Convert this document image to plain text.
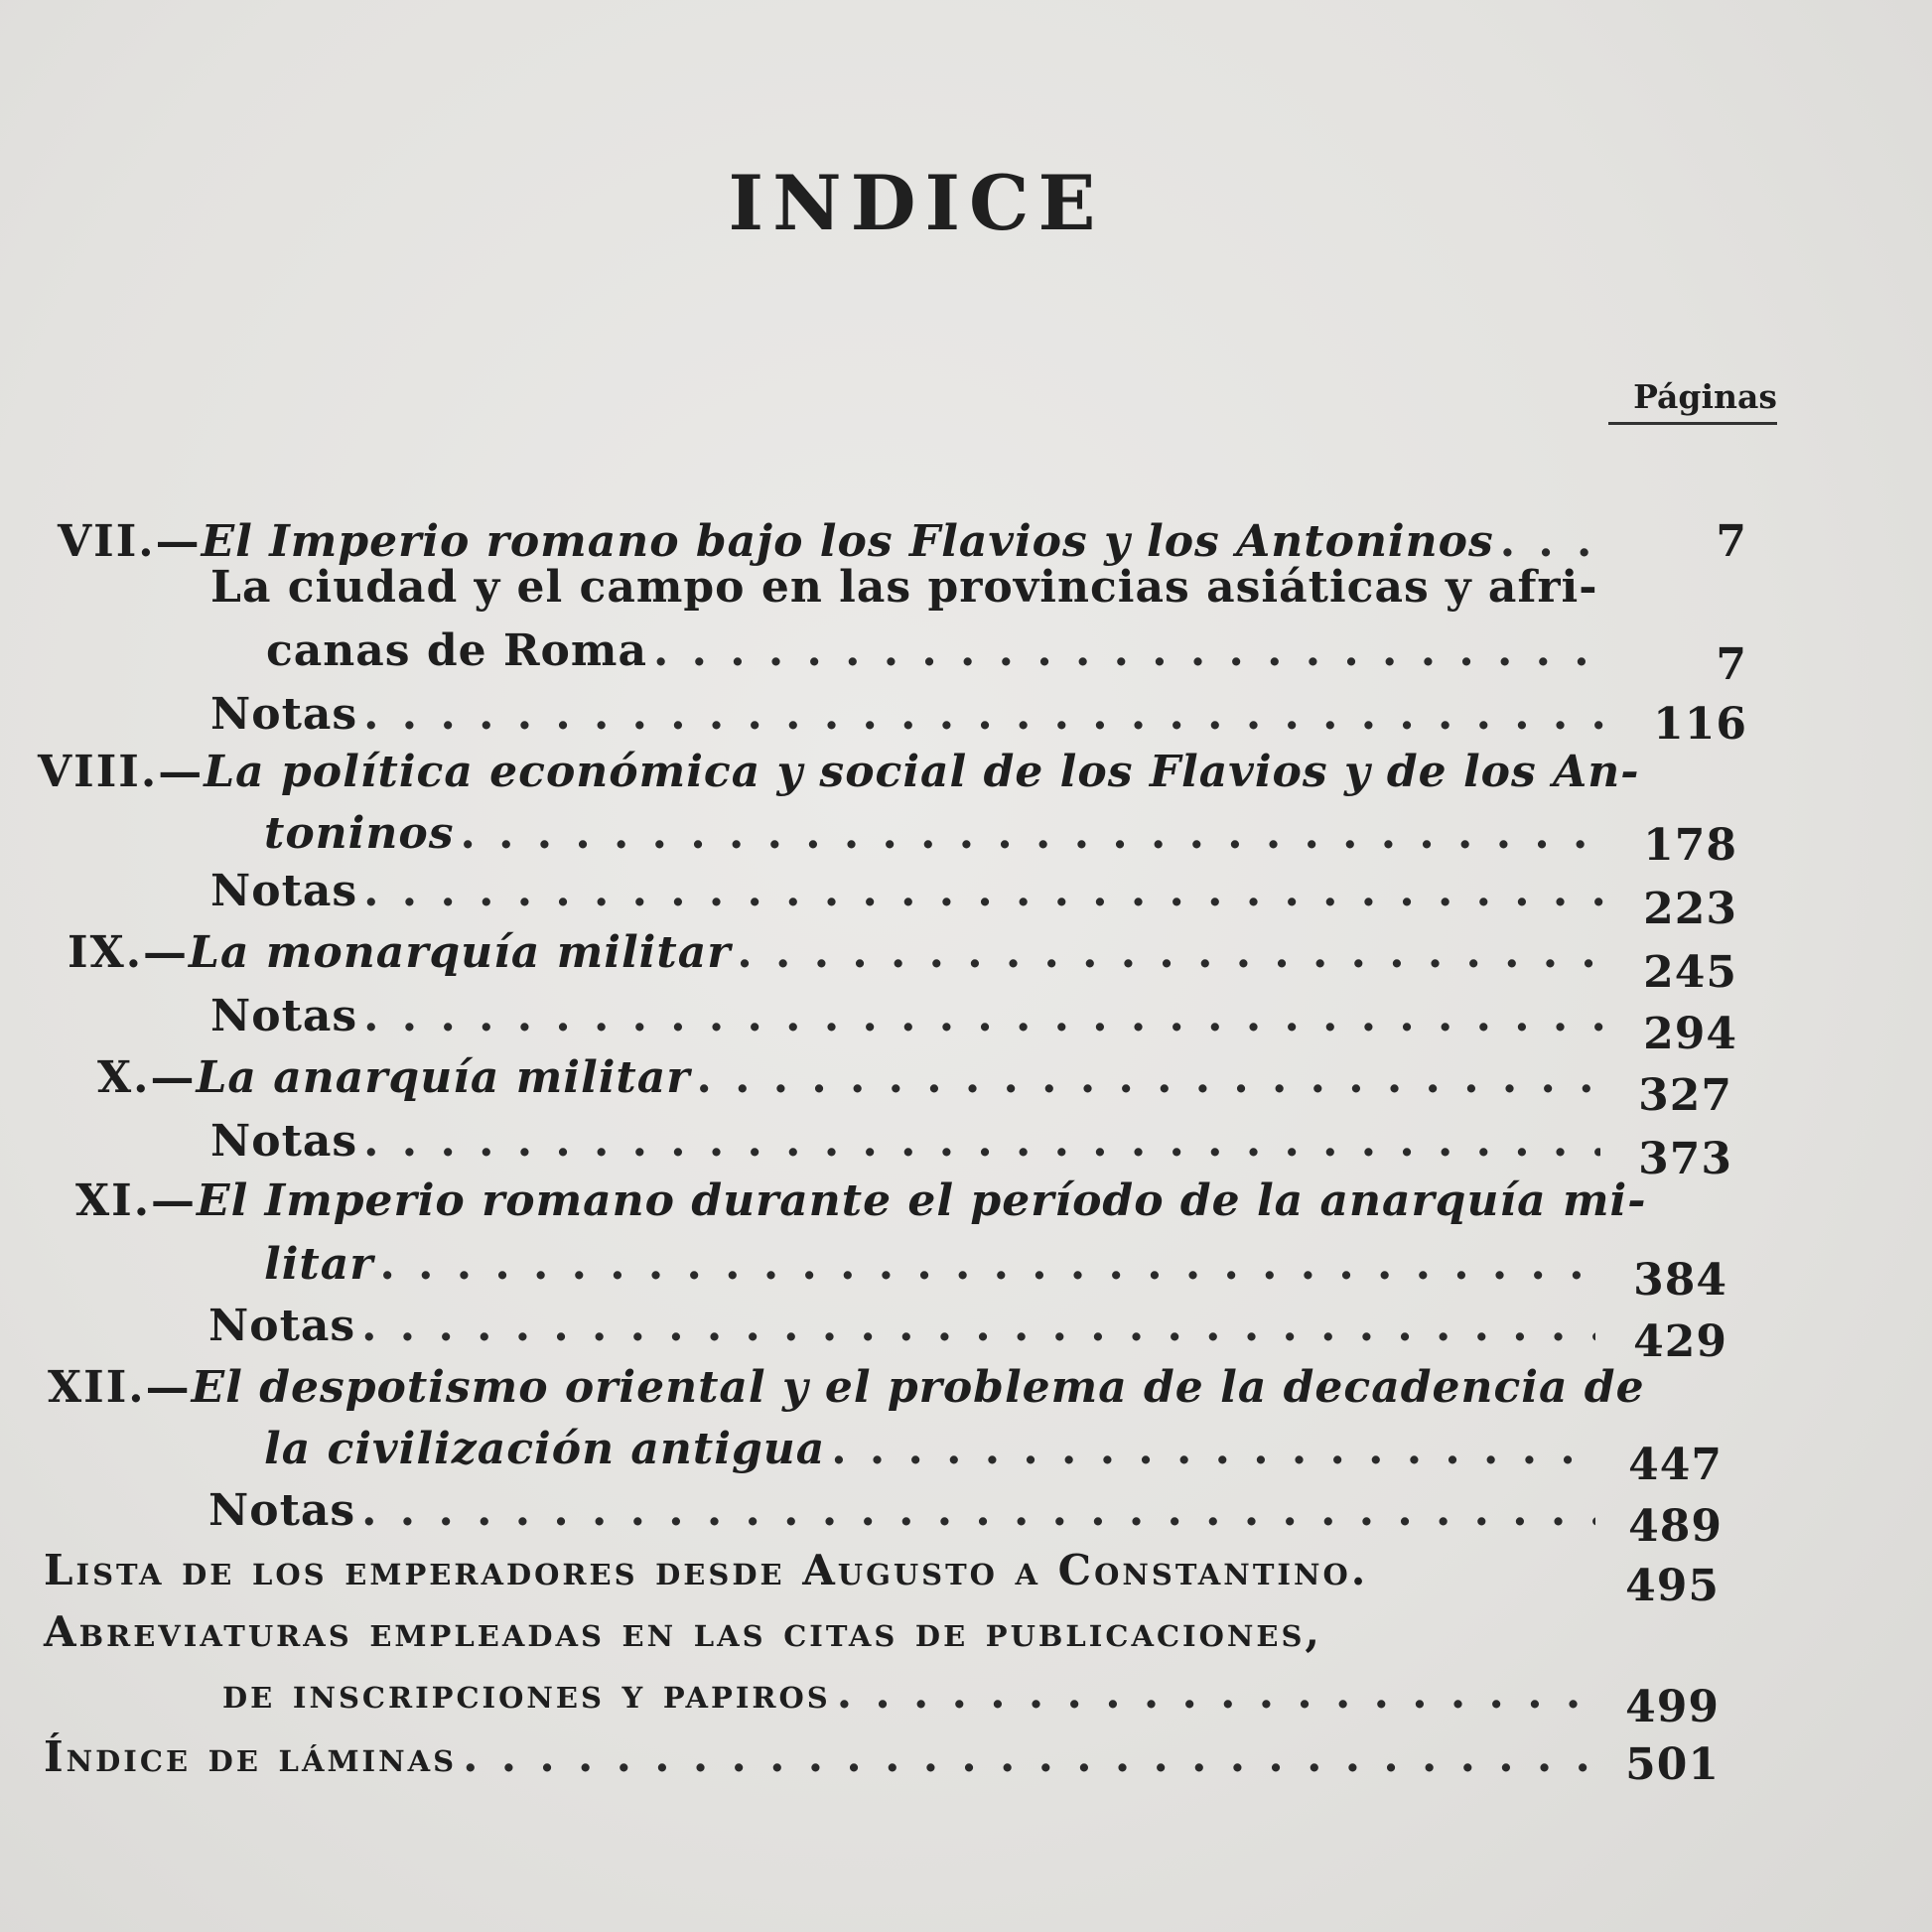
INDICE
Páginas
VII.— El Imperio romano bajo los Flavios y los Antoninos . . .	7
La ciudad y el campo en las provincias asiáticas y afri-
canas de Roma . . .	7
Notas . . .	116
VIII.—La política económica y social de los Flavios y de los An-
toninos . . .	178
Notas . . .	223
IX.— La monarquía militar . . .	245
Notas . . .	294
X.— La anarquía militar . . .	327
Notas . . .	373
XI.—El Imperio romano durante el período de la anarquía mi-
litar . . .	384
Notas . . .	429
XII.—El despotismo oriental y el problema de la decadencia de
la civilización antigua . . .	447
Notas . . .	489
Lista de los emperadores desde Augusto a Constantino.	495
Abreviaturas empleadas en las citas de publicaciones,
de inscripciones y papiros . . .	499
Índice de láminas . . .	501
